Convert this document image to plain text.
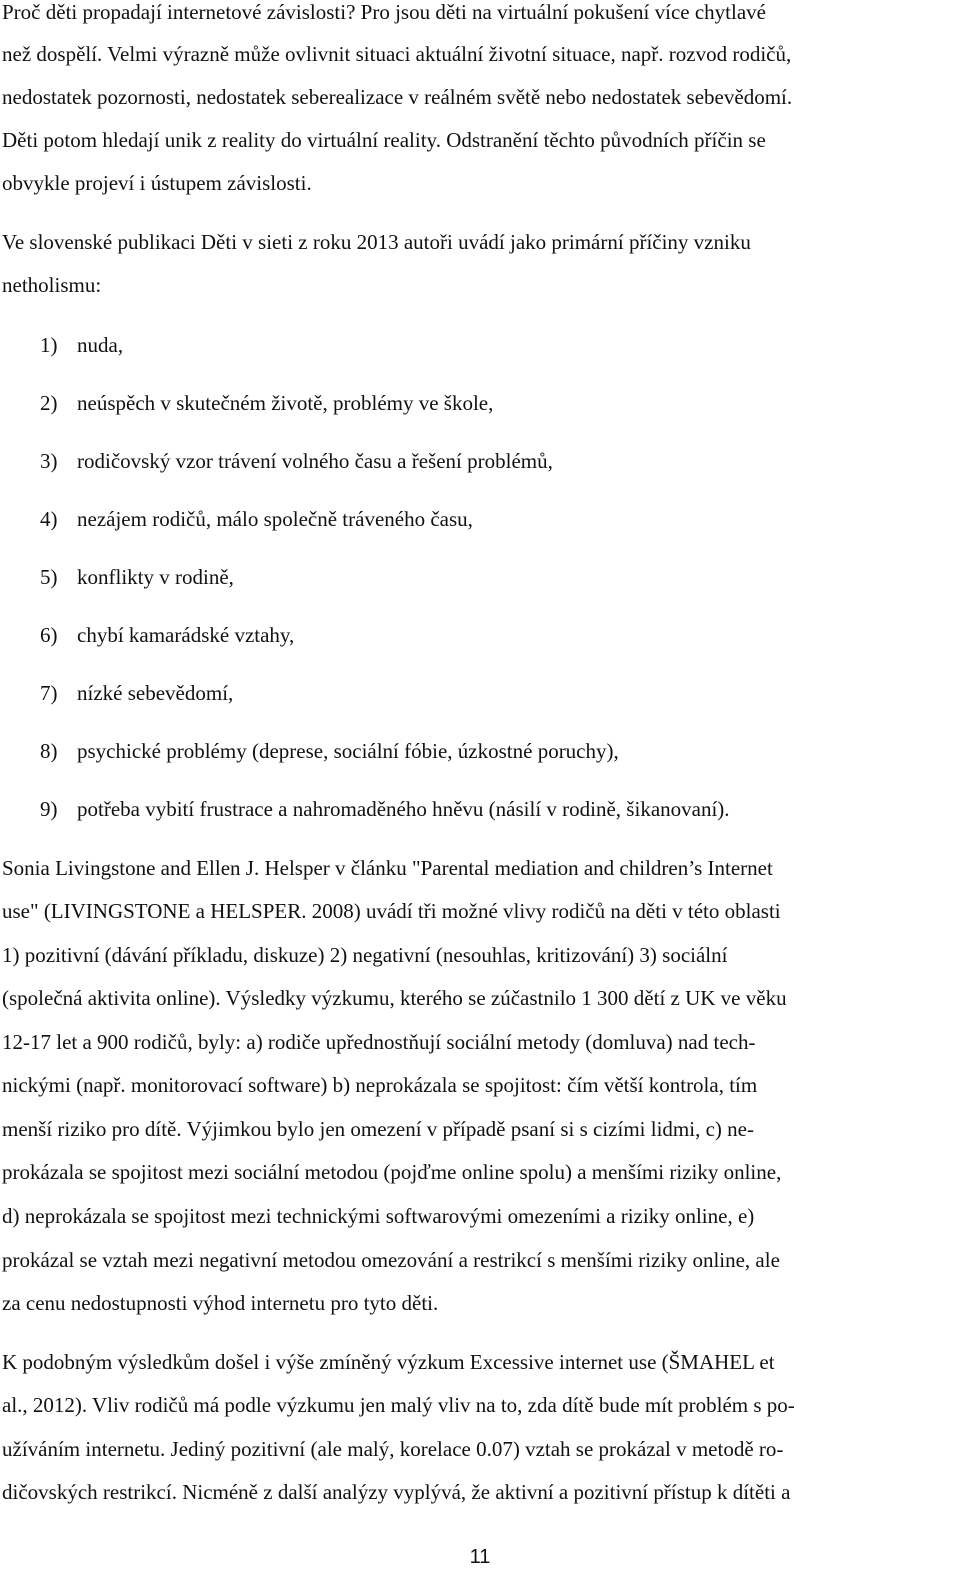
Proč děti propadají internetové závislosti? Pro jsou děti na virtuální pokušení více chytlavé
než dospělí. Velmi výrazně může ovlivnit situaci aktuální životní situace, např. rozvod rodičů,
nedostatek pozornosti, nedostatek seberealizace v reálném světě nebo nedostatek sebevědomí.
Děti potom hledají unik z reality do virtuální reality. Odstranění těchto původních příčin se
obvykle projeví i ústupem závislosti.
Ve slovenské publikaci Děti v sieti z roku 2013 autoři uvádí jako primární příčiny vzniku
netholismu:
1) nuda,
2) neúspěch v skutečném životě, problémy ve škole,
3) rodičovský vzor trávení volného času a řešení problémů,
4) nezájem rodičů, málo společně tráveného času,
5) konflikty v rodině,
6) chybí kamarádské vztahy,
7) nízké sebevědomí,
8) psychické problémy (deprese, sociální fóbie, úzkostné poruchy),
9) potřeba vybití frustrace a nahromaděného hněvu (násilí v rodině, šikanovaní).
Sonia Livingstone and Ellen J. Helsper v článku "Parental mediation and children’s Internet
use" (LIVINGSTONE a HELSPER. 2008) uvádí tři možné vlivy rodičů na děti v této oblasti
1) pozitivní (dávání příkladu, diskuze) 2) negativní (nesouhlas, kritizování) 3) sociální
(společná aktivita online). Výsledky výzkumu, kterého se zúčastnilo 1 300 dětí z UK ve věku
12-17 let a 900 rodičů, byly: a) rodiče upřednostňují sociální metody (domluva) nad tech-
nickými (např. monitorovací software) b) neprokázala se spojitost: čím větší kontrola, tím
menší riziko pro dítě. Výjimkou bylo jen omezení v případě psaní si s cizími lidmi, c) ne-
prokázala se spojitost mezi sociální metodou (pojďme online spolu) a menšími riziky online,
d) neprokázala se spojitost mezi technickými softwarovými omezeními a riziky online, e)
prokázal se vztah mezi negativní metodou omezování a restrikcí s menšími riziky online, ale
za cenu nedostupnosti výhod internetu pro tyto děti.
K podobným výsledkům došel i výše zmíněný výzkum Excessive internet use (ŠMAHEL et
al., 2012). Vliv rodičů má podle výzkumu jen malý vliv na to, zda dítě bude mít problém s po-
užíváním internetu. Jediný pozitivní (ale malý, korelace 0.07) vztah se prokázal v metodě ro-
dičovských restrikcí. Nicméně z další analýzy vyplývá, že aktivní a pozitivní přístup k dítěti a
11
